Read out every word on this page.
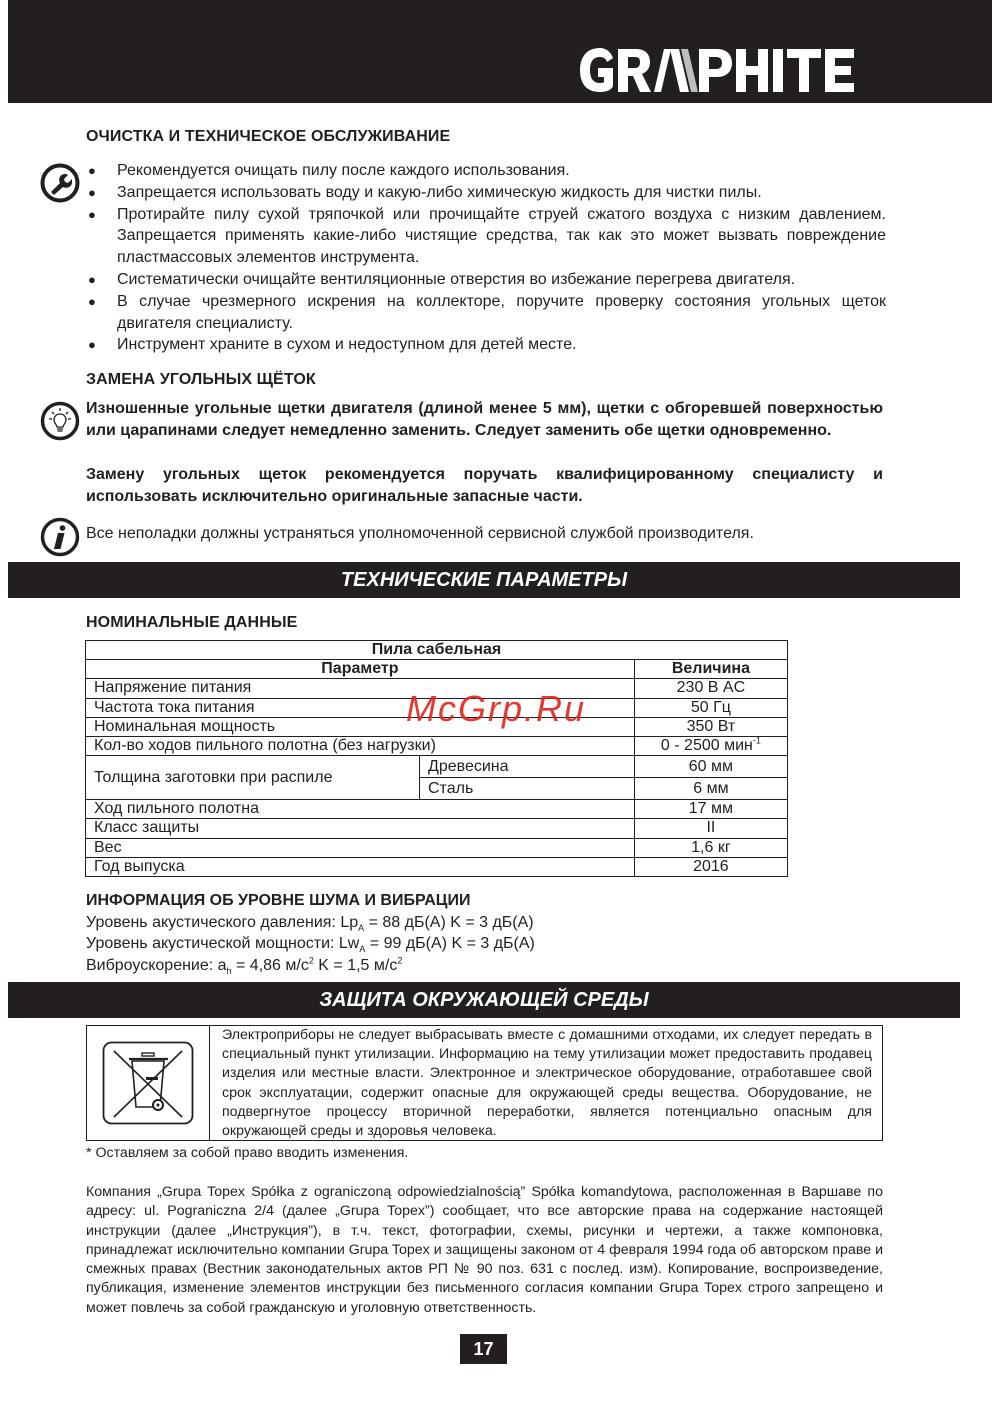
ОЧИСТКА И ТЕХНИЧЕСКОЕ ОБСЛУЖИВАНИЕ
● Рекомендуется очищать пилу после каждого использования.
● Запрещается использовать воду и какую-либо химическую жидкость для чистки пилы.
● Протирайте пилу сухой тряпочкой или прочищайте струей сжатого воздуха с низким давлением. Запрещается применять какие-либо чистящие средства, так как это может вызвать повреждение пластмассовых элементов инструмента.
● Систематически очищайте вентиляционные отверстия во избежание перегрева двигателя.
● В случае чрезмерного искрения на коллекторе, поручите проверку состояния угольных щеток двигателя специалисту.
● Инструмент храните в сухом и недоступном для детей месте.
ЗАМЕНА УГОЛЬНЫХ ЩЁТОК
Изношенные угольные щетки двигателя (длиной менее 5 мм), щетки с обгоревшей поверхностью или царапинами следует немедленно заменить. Следует заменить обе щетки одновременно.
Замену угольных щеток рекомендуется поручать квалифицированному специалисту и использовать исключительно оригинальные запасные части.
Все неполадки должны устраняться уполномоченной сервисной службой производителя.
ТЕХНИЧЕСКИЕ ПАРАМЕТРЫ
НОМИНАЛЬНЫЕ ДАННЫЕ
Пила сабельная		
Параметр		Величина
Напряжение питания		230 В AC
Частота тока питания		50 Гц
Номинальная мощность		350 Вт
Кол-во ходов пильного полотна (без нагрузки)		0 - 2500 мин$^{-1}$
Толщина заготовки при распиле	Древесина	60 мм
	Сталь	6 мм
Ход пильного полотна		17 мм
Класс защиты		II
Вес		1,6 кг
Год выпуска		2016
McGrp.Ru
ИНФОРМАЦИЯ ОБ УРОВНЕ ШУМА И ВИБРАЦИИ
Уровень акустического давления: $Lp_A = 88$ дБ(A) K = 3 дБ(A)
Уровень акустической мощности: $Lw_A = 99$ дБ(A) K = 3 дБ(A)
Виброускорение: $a_h = 4,86$ $м/с^2$ K = 1,5 $м/с^2$
ЗАЩИТА ОКРУЖАЮЩЕЙ СРЕДЫ
Электроприборы не следует выбрасывать вместе с домашними отходами, их следует передать в специальный пункт утилизации. Информацию на тему утилизации может предоставить продавец изделия или местные власти. Электронное и электрическое оборудование, отработавшее свой срок эксплуатации, содержит опасные для окружающей среды вещества. Оборудование, не подвергнутое процессу вторичной переработки, является потенциально опасным для окружающей среды и здоровья человека.
* Оставляем за собой право вводить изменения.
Компания „Grupa Topex Spółka z ograniczoną odpowiedzialnością” Spółka komandytowa, расположенная в Варшаве по адресу: ul. Pograniczna 2/4 (далее „Grupa Topex”) сообщает, что все авторские права на содержание настоящей инструкции (далее „Инструкция”), в т.ч. текст, фотографии, схемы, рисунки и чертежи, а также компоновка, принадлежат исключительно компании Grupa Topex и защищены законом от 4 февраля 1994 года об авторском праве и смежных правах (Вестник законодательных актов РП № 90 поз. 631 с послед. изм). Копирование, воспроизведение, публикация, изменение элементов инструкции без письменного согласия компании Grupa Topex строго запрещено и может повлечь за собой гражданскую и уголовную ответственность.
17
